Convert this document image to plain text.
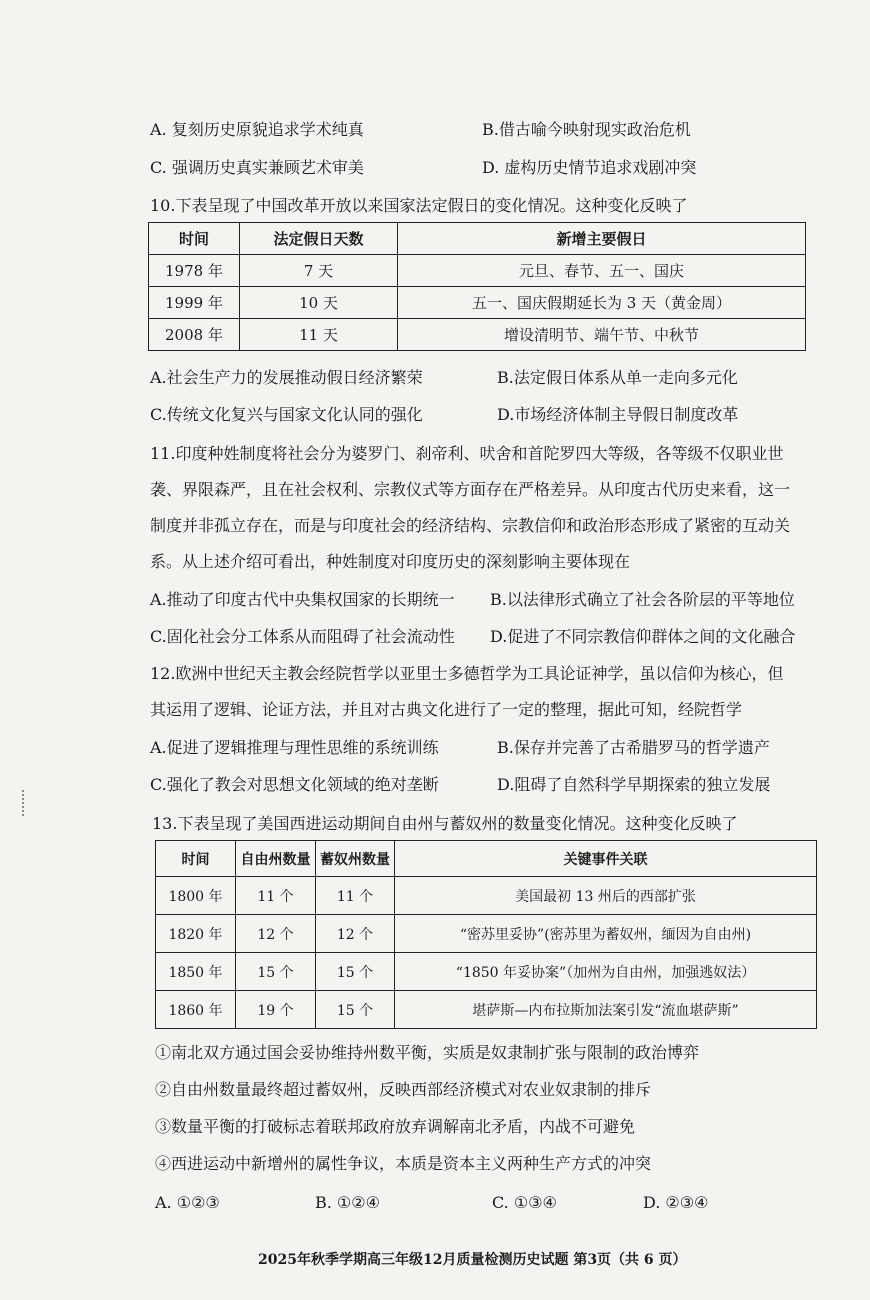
A. 复刻历史原貌追求学术纯真	B.借古喻今映射现实政治危机
C. 强调历史真实兼顾艺术审美	D. 虚构历史情节追求戏剧冲突
10.下表呈现了中国改革开放以来国家法定假日的变化情况。这种变化反映了
时间	法定假日天数	新增主要假日
1978 年	7 天	元旦、春节、五一、国庆
1999 年	10 天	五一、国庆假期延长为 3 天（黄金周）
2008 年	11 天	增设清明节、端午节、中秋节
A.社会生产力的发展推动假日经济繁荣	B.法定假日体系从单一走向多元化
C.传统文化复兴与国家文化认同的强化	D.市场经济体制主导假日制度改革
11.印度种姓制度将社会分为婆罗门、刹帝利、吠舍和首陀罗四大等级，各等级不仅职业世
袭、界限森严，且在社会权利、宗教仪式等方面存在严格差异。从印度古代历史来看，这一
制度并非孤立存在，而是与印度社会的经济结构、宗教信仰和政治形态形成了紧密的互动关
系。从上述介绍可看出，种姓制度对印度历史的深刻影响主要体现在
A.推动了印度古代中央集权国家的长期统一 B.以法律形式确立了社会各阶层的平等地位
C.固化社会分工体系从而阻碍了社会流动性 D.促进了不同宗教信仰群体之间的文化融合
12.欧洲中世纪天主教会经院哲学以亚里士多德哲学为工具论证神学，虽以信仰为核心，但
其运用了逻辑、论证方法，并且对古典文化进行了一定的整理，据此可知，经院哲学
A.促进了逻辑推理与理性思维的系统训练	B.保存并完善了古希腊罗马的哲学遗产
C.强化了教会对思想文化领域的绝对垄断	D.阻碍了自然科学早期探索的独立发展
13.下表呈现了美国西进运动期间自由州与蓄奴州的数量变化情况。这种变化反映了
时间	自由州数量	蓄奴州数量	关键事件关联
1800 年	11 个	11 个	美国最初 13 州后的西部扩张
1820 年	12 个	12 个	“密苏里妥协”(密苏里为蓄奴州，缅因为自由州)
1850 年	15 个	15 个	“1850 年妥协案”（加州为自由州，加强逃奴法）
1860 年	19 个	15 个	堪萨斯—内布拉斯加法案引发“流血堪萨斯”
①南北双方通过国会妥协维持州数平衡，实质是奴隶制扩张与限制的政治博弈
②自由州数量最终超过蓄奴州，反映西部经济模式对农业奴隶制的排斥
③数量平衡的打破标志着联邦政府放弃调解南北矛盾，内战不可避免
④西进运动中新增州的属性争议，本质是资本主义两种生产方式的冲突
A. ①②③	B. ①②④	C. ①③④	D. ②③④
2025年秋季学期高三年级12月质量检测历史试题 第3页（共 6 页）
